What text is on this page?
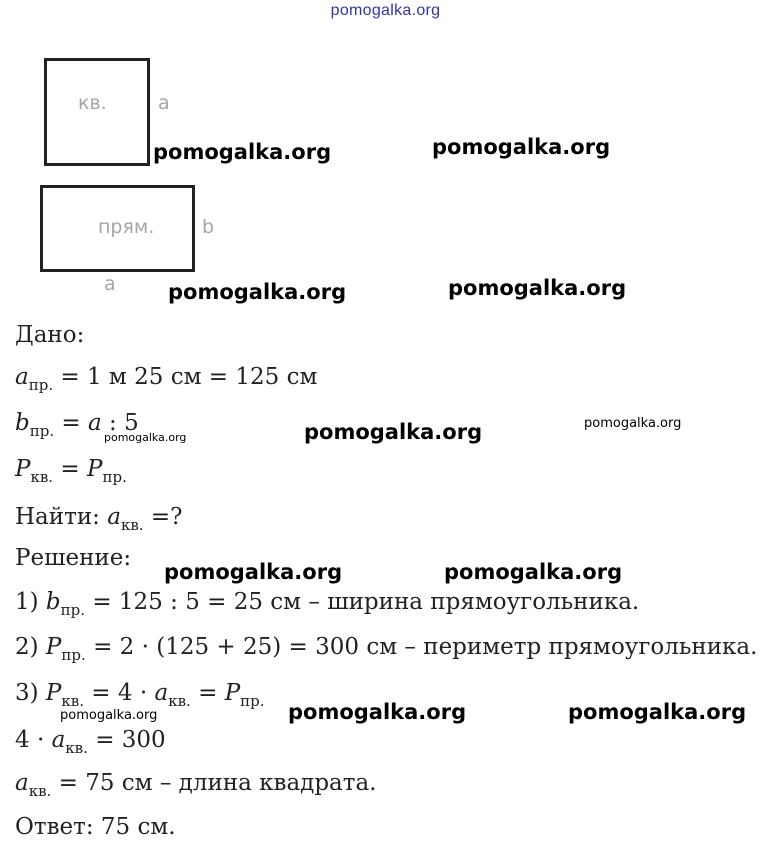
pomogalka.org
кв.	a
прям.	b
a
pomogalka.org	pomogalka.org
pomogalka.org	pomogalka.org
Дано:
$a_{пр.} = 1$ м 25 см = 125 см
$b_{пр.} = a$ : 5
pomogalka.org	pomogalka.org	pomogalka.org
$P_{кв.} = P_{пр.}$
Найти: $a_{кв.}$ =?
Решение:
pomogalka.org	pomogalka.org
1) $b_{пр.} = 125$ : 5 = 25 см – ширина прямоугольника.
2) $P_{пр.} = 2 \cdot (125 + 25) = 300$ см – периметр прямоугольника.
3) $P_{кв.} = 4 \cdot a_{кв.} = P_{пр.}$
pomogalka.org	pomogalka.org	pomogalka.org
$4 \cdot a_{кв.} = 300$
$a_{кв.} = 75$ см – длина квадрата.
Ответ: 75 см.
